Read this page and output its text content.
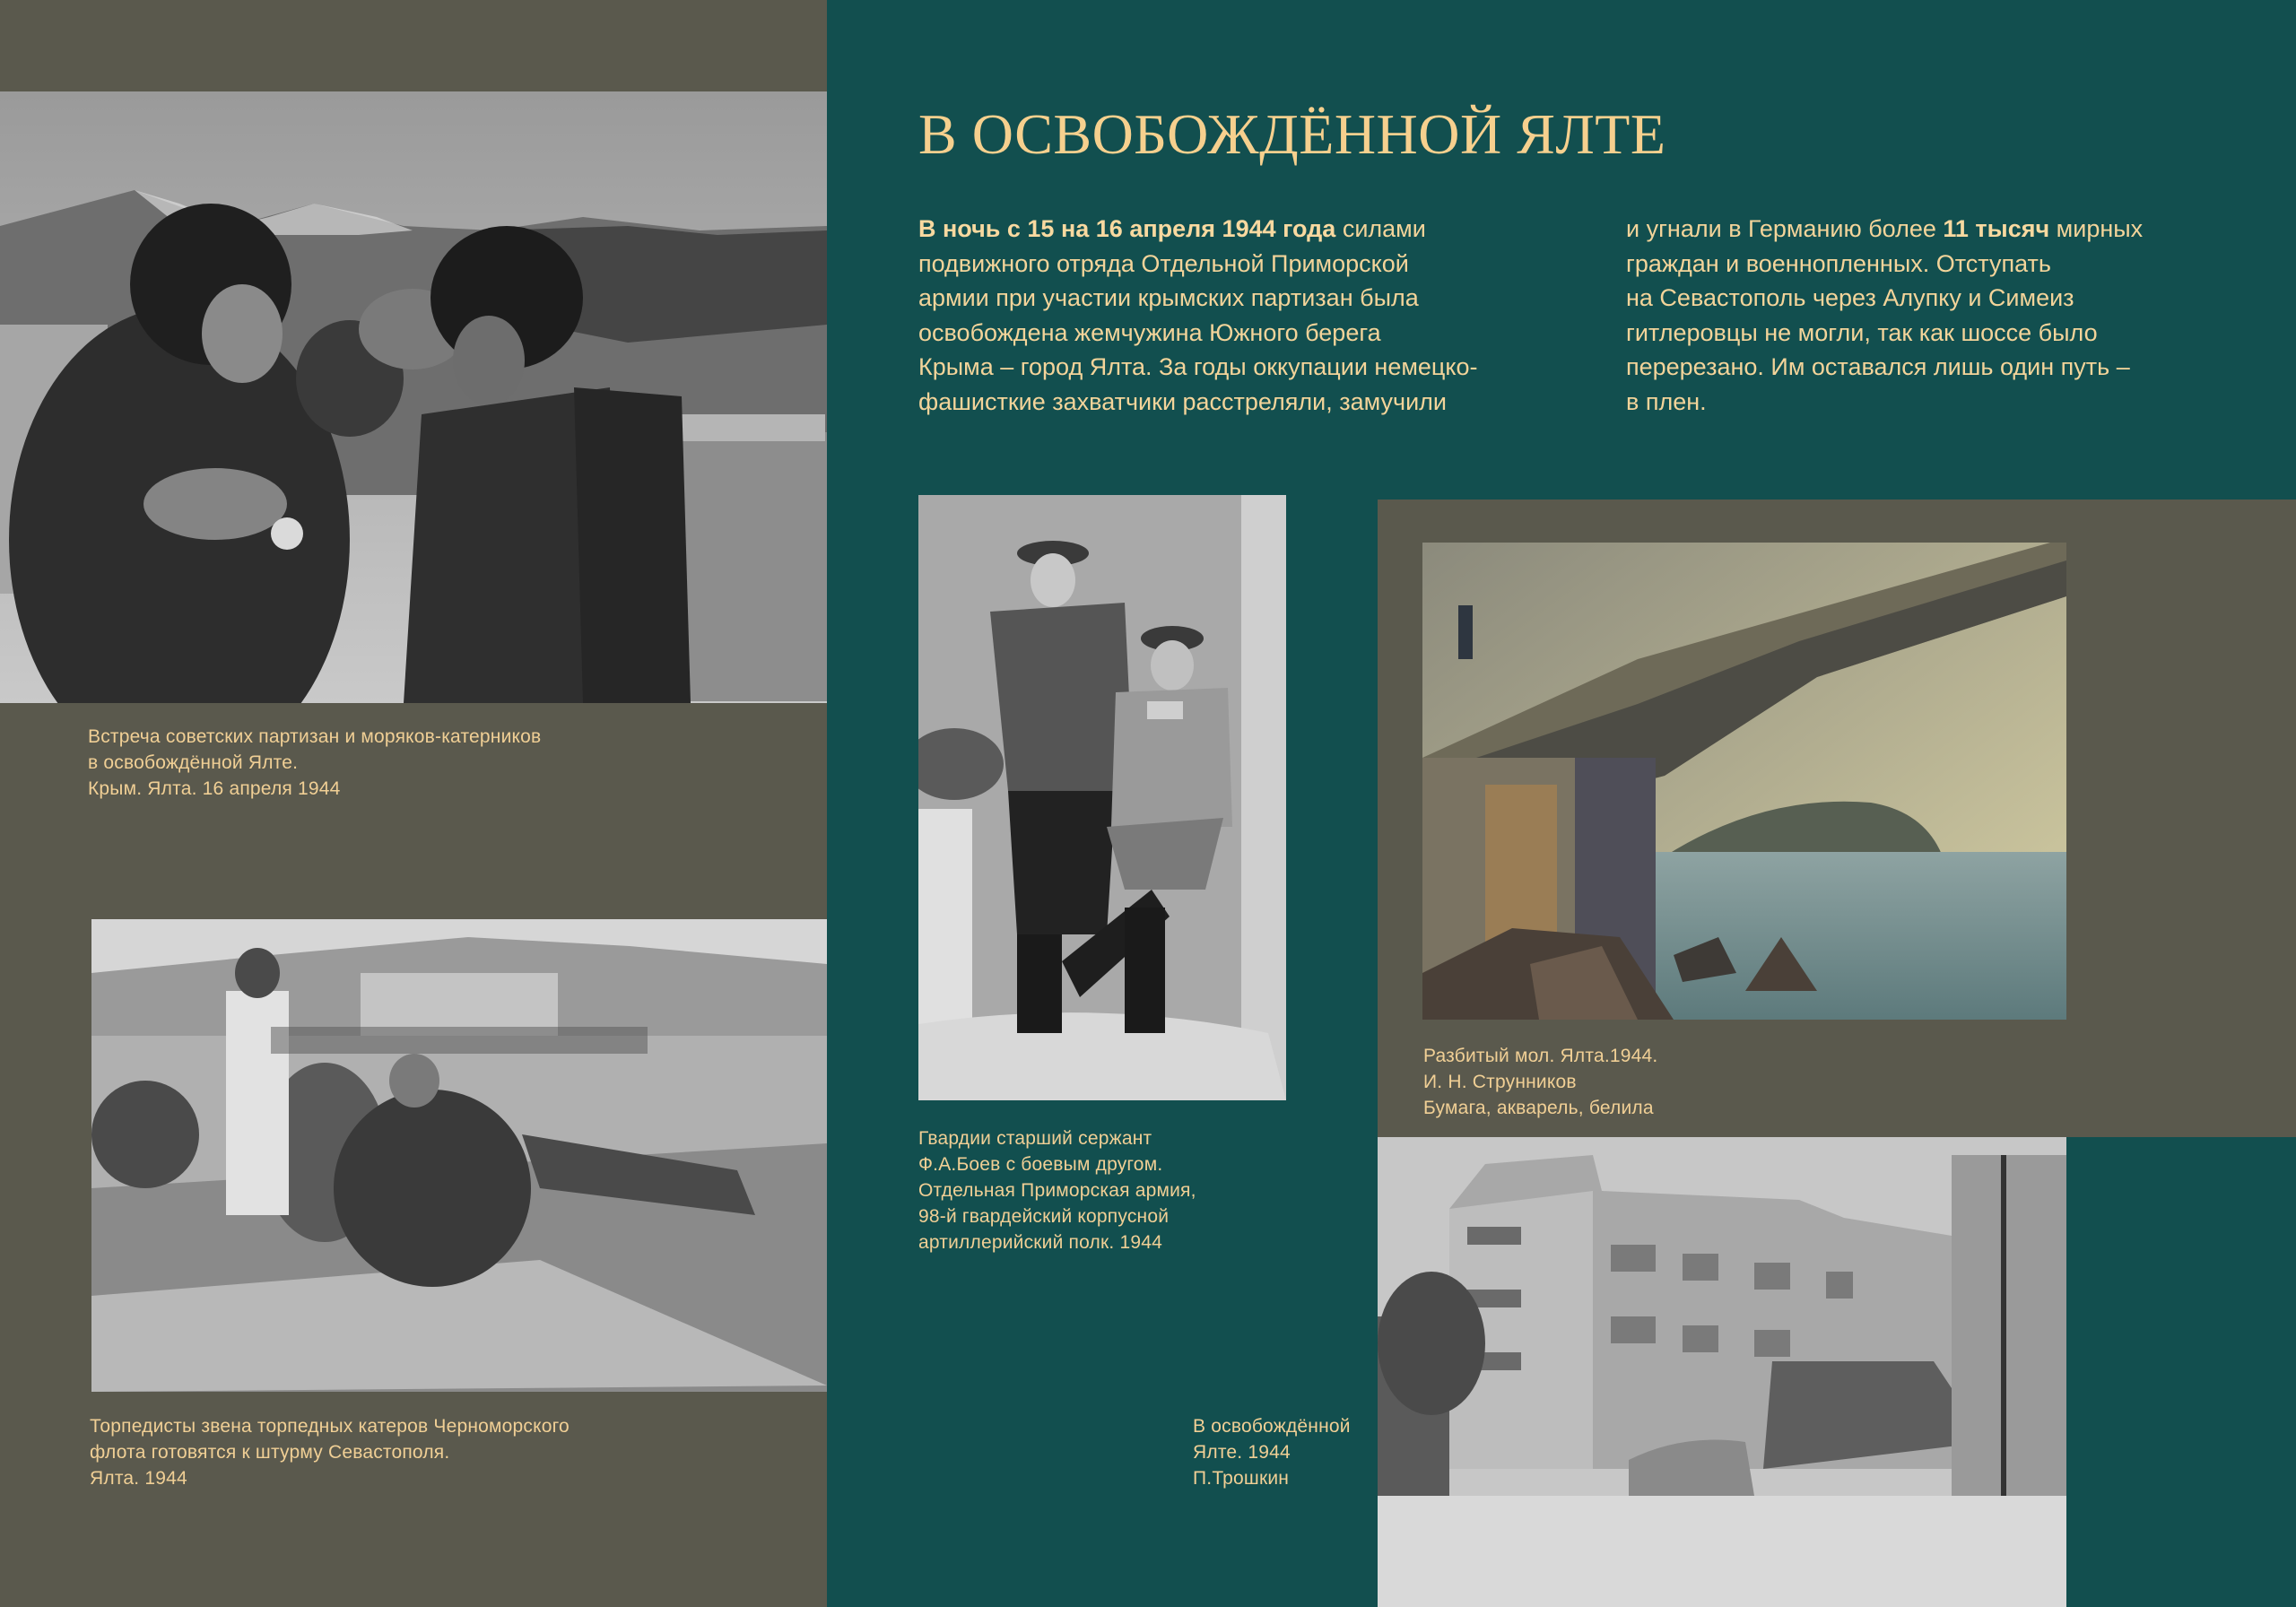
Встреча советских партизан и моряков-катерников
в освобождённой Ялте.
Крым. Ялта. 16 апреля 1944
Торпедисты звена торпедных катеров Черноморского
флота готовятся к штурму Севастополя.
Ялта. 1944
В ОСВОБОЖДЁННОЙ ЯЛТЕ
В ночь с 15 на 16 апреля 1944 года силами
подвижного отряда Отдельной Приморской
армии при участии крымских партизан была
освобождена жемчужина Южного берега
Крыма – город Ялта. За годы оккупации немецко-
фашисткие захватчики расстреляли, замучили
и угнали в Германию более 11 тысяч мирных
граждан и военнопленных. Отступать
на Севастополь через Алупку и Симеиз
гитлеровцы не могли, так как шоссе было
перерезано. Им оставался лишь один путь –
в плен.
Гвардии старший сержант
Ф.А.Боев с боевым другом.
Отдельная Приморская армия,
98-й гвардейский корпусной
артиллерийский полк. 1944
Разбитый мол. Ялта.1944.
И. Н. Струнников
Бумага, акварель, белила
В освобождённой
Ялте. 1944
П.Трошкин
